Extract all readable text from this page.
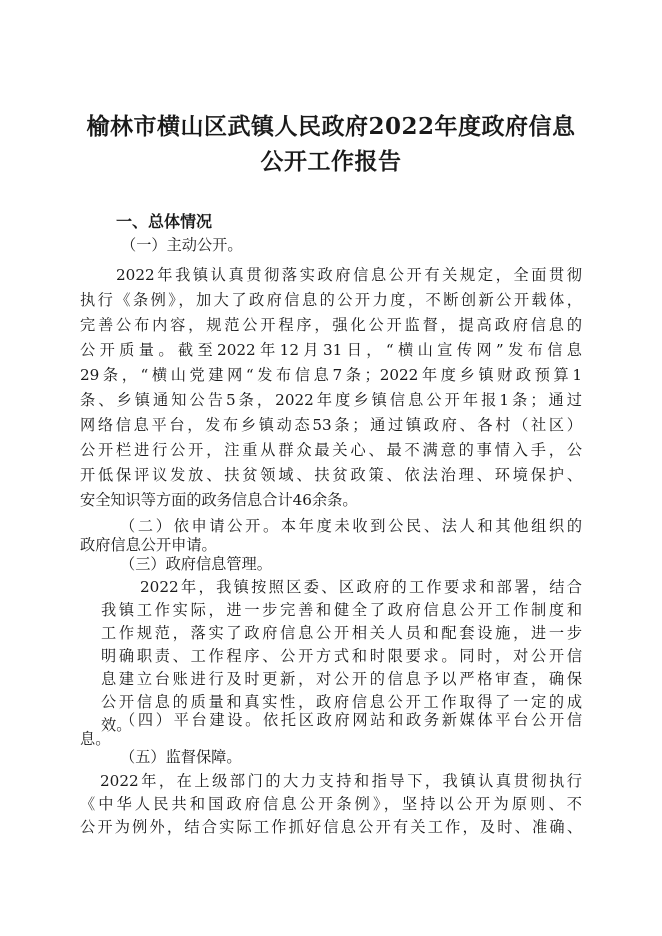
榆林市横山区武镇人民政府2022年度政府信息
公开工作报告
一、总体情况
（一）主动公开。
2022年我镇认真贯彻落实政府信息公开有关规定，全面贯彻
执行《条例》，加大了政府信息的公开力度，不断创新公开载体，
完善公布内容，规范公开程序，强化公开监督，提高政府信息的
公开质量。截至2022年12月31日，“横山宣传网”发布信息
29条，“横山党建网“发布信息7条；2022年度乡镇财政预算1
条、乡镇通知公告5条，2022年度乡镇信息公开年报1条；通过
网络信息平台，发布乡镇动态53条；通过镇政府、各村（社区）
公开栏进行公开，注重从群众最关心、最不满意的事情入手，公
开低保评议发放、扶贫领域、扶贫政策、依法治理、环境保护、
安全知识等方面的政务信息合计46余条。
（二）依申请公开。本年度未收到公民、法人和其他组织的
政府信息公开申请。
（三）政府信息管理。
2022年，我镇按照区委、区政府的工作要求和部署，结合
我镇工作实际，进一步完善和健全了政府信息公开工作制度和
工作规范，落实了政府信息公开相关人员和配套设施，进一步
明确职责、工作程序、公开方式和时限要求。同时，对公开信
息建立台账进行及时更新，对公开的信息予以严格审查，确保
公开信息的质量和真实性，政府信息公开工作取得了一定的成
效。
（四）平台建设。依托区政府网站和政务新媒体平台公开信
息。
（五）监督保障。
2022年，在上级部门的大力支持和指导下，我镇认真贯彻执行
《中华人民共和国政府信息公开条例》，坚持以公开为原则、不
公开为例外，结合实际工作抓好信息公开有关工作，及时、准确、
